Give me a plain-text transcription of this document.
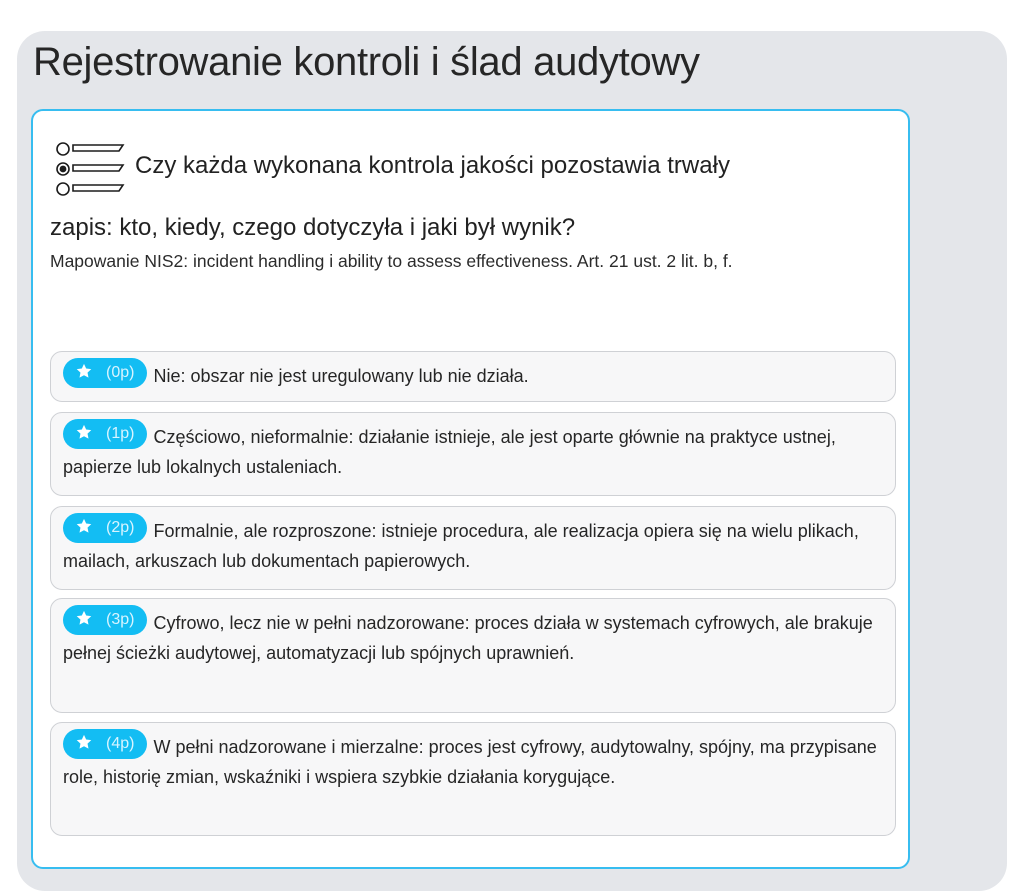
Rejestrowanie kontroli i ślad audytowy
Czy każda wykonana kontrola jakości pozostawia trwały
zapis: kto, kiedy, czego dotyczyła i jaki był wynik?
Mapowanie NIS2: incident handling i ability to assess effectiveness. Art. 21 ust. 2 lit. b, f.
(0p) Nie: obszar nie jest uregulowany lub nie działa.
(1p) Częściowo, nieformalnie: działanie istnieje, ale jest oparte głównie na praktyce ustnej, papierze lub lokalnych ustaleniach.
(2p) Formalnie, ale rozproszone: istnieje procedura, ale realizacja opiera się na wielu plikach, mailach, arkuszach lub dokumentach papierowych.
(3p) Cyfrowo, lecz nie w pełni nadzorowane: proces działa w systemach cyfrowych, ale brakuje pełnej ścieżki audytowej, automatyzacji lub spójnych uprawnień.
(4p) W pełni nadzorowane i mierzalne: proces jest cyfrowy, audytowalny, spójny, ma przypisane role, historię zmian, wskaźniki i wspiera szybkie działania korygujące.
